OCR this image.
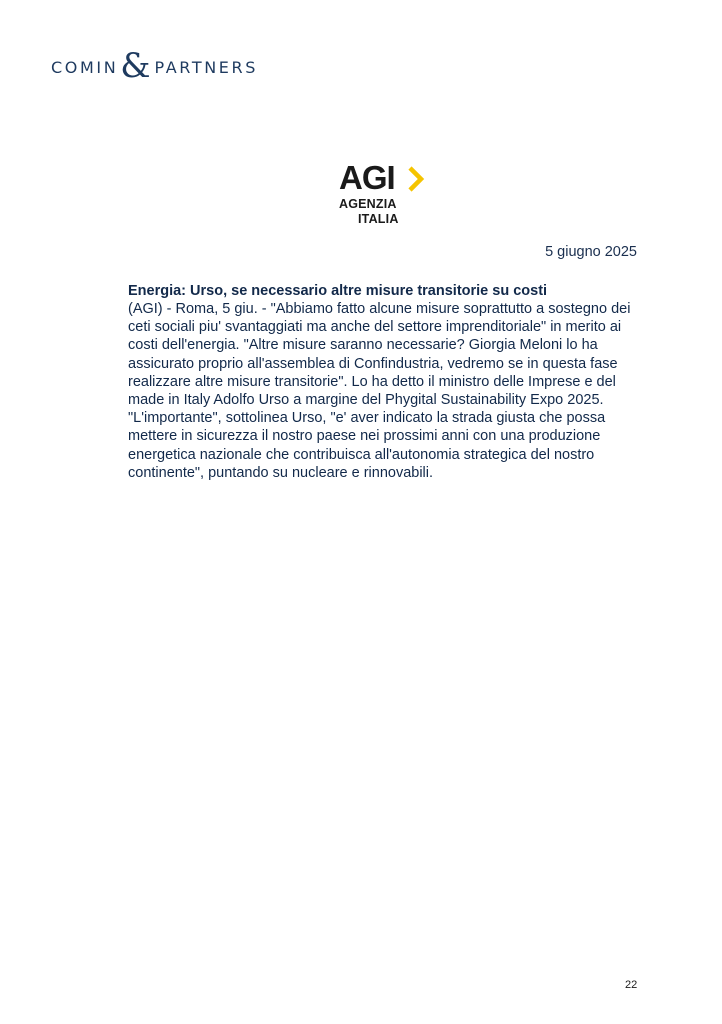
COMIN & PARTNERS
AGI
AGENZIA
ITALIA
5 giugno 2025

Energia: Urso, se necessario altre misure transitorie su costi

(AGI) - Roma, 5 giu. - "Abbiamo fatto alcune misure soprattutto a sostegno dei ceti sociali piu' svantaggiati ma anche del settore imprenditoriale" in merito ai costi dell'energia. "Altre misure saranno necessarie? Giorgia Meloni lo ha assicurato proprio all'assemblea di Confindustria, vedremo se in questa fase realizzare altre misure transitorie". Lo ha detto il ministro delle Imprese e del made in Italy Adolfo Urso a margine del Phygital Sustainability Expo 2025. "L'importante", sottolinea Urso, "e' aver indicato la strada giusta che possa mettere in sicurezza il nostro paese nei prossimi anni con una produzione energetica nazionale che contribuisca all'autonomia strategica del nostro continente", puntando su nucleare e rinnovabili.

22
